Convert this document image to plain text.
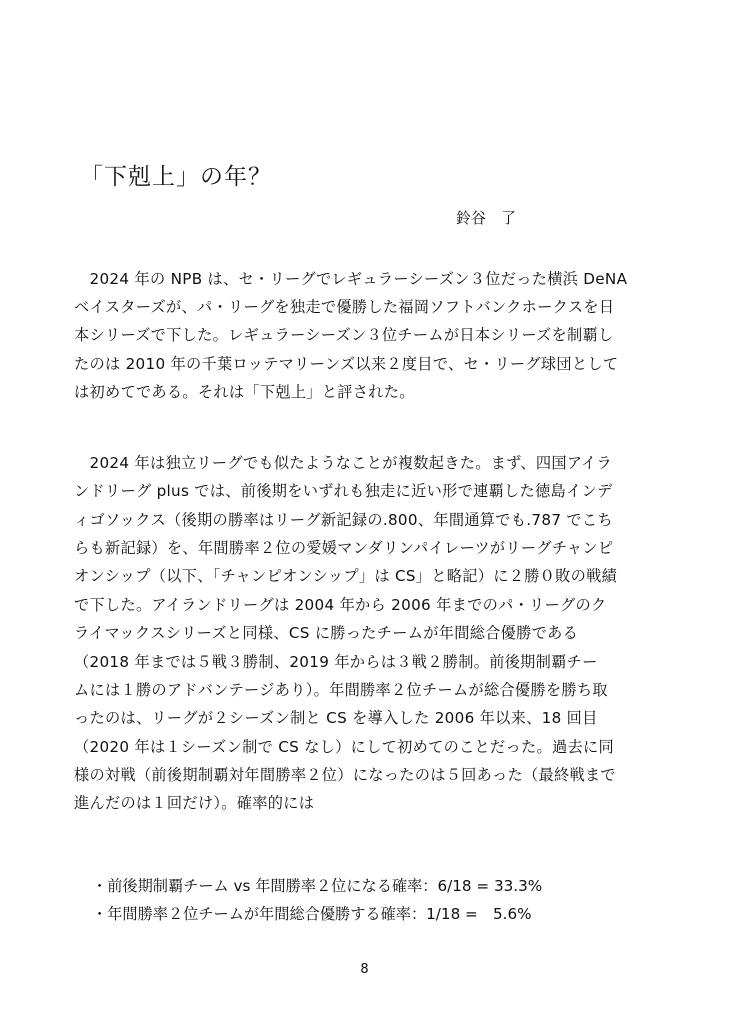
「下剋上」の年？
鈴谷　了
　2024 年の NPB は、セ・リーグでレギュラーシーズン３位だった横浜 DeNA
ベイスターズが、パ・リーグを独走で優勝した福岡ソフトバンクホークスを日
本シリーズで下した。レギュラーシーズン３位チームが日本シリーズを制覇し
たのは 2010 年の千葉ロッテマリーンズ以来２度目で、セ・リーグ球団として
は初めてである。それは「下剋上」と評された。
　2024 年は独立リーグでも似たようなことが複数起きた。まず、四国アイラ
ンドリーグ plus では、前後期をいずれも独走に近い形で連覇した徳島インデ
ィゴソックス（後期の勝率はリーグ新記録の.800、年間通算でも.787 でこち
らも新記録）を、年間勝率２位の愛媛マンダリンパイレーツがリーグチャンピ
オンシップ（以下、「チャンピオンシップ」は CS」と略記）に２勝０敗の戦績
で下した。アイランドリーグは 2004 年から 2006 年までのパ・リーグのク
ライマックスシリーズと同様、CS に勝ったチームが年間総合優勝である
（2018 年までは５戦３勝制、2019 年からは３戦２勝制。前後期制覇チー
ムには１勝のアドバンテージあり）。年間勝率２位チームが総合優勝を勝ち取
ったのは、リーグが２シーズン制と CS を導入した 2006 年以来、18 回目
（2020 年は１シーズン制で CS なし）にして初めてのことだった。過去に同
様の対戦（前後期制覇対年間勝率２位）になったのは５回あった（最終戦まで
進んだのは１回だけ）。確率的には
・前後期制覇チーム vs 年間勝率２位になる確率：6/18 = 33.3%
・年間勝率２位チームが年間総合優勝する確率：1/18 =　5.6%
8
